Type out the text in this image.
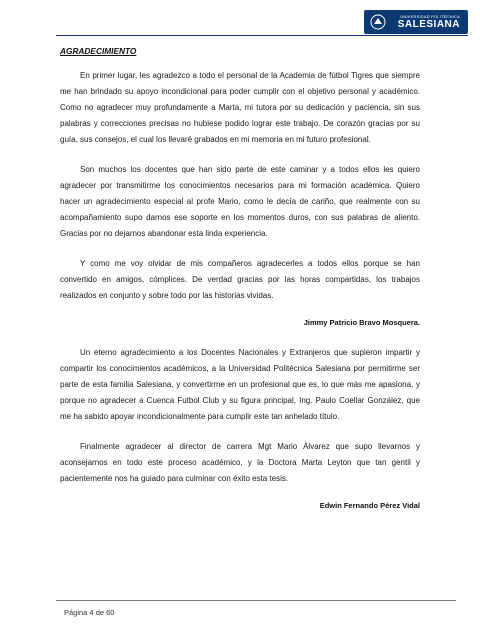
UNIVERSIDAD POLITÉCNICA
SALESIANA
AGRADECIMIENTO

En primer lugar, les agradezco a todo el personal de la Academia de fútbol Tigres que siempre me han brindado su apoyo incondicional para poder cumplir con el objetivo personal y académico. Como no agradecer muy profundamente a Marta, mi tutora por su dedicación y paciencia, sin sus palabras y correcciones precisas no hubiese podido lograr este trabajo. De corazón gracias por su guía, sus consejos, el cual los llevaré grabados en mi memoria en mi futuro profesional.

Son muchos los docentes que han sido parte de este caminar y a todos ellos les quiero agradecer por transmitirme los conocimientos necesarios para mi formación académica. Quiero hacer un agradecimiento especial al profe Mario, como le decía de cariño, que realmente con su acompañamiento supo darnos ese soporte en los momentos duros, con sus palabras de aliento. Gracias por no dejarnos abandonar esta linda experiencia.

Y como me voy olvidar de mis compañeros agradecerles a todos ellos porque se han convertido en amigos, cómplices. De verdad gracias por las horas compartidas, los trabajos realizados en conjunto y sobre todo por las historias vividas.

Jimmy Patricio Bravo Mosquera.

Un eterno agradecimiento a los Docentes Nacionales y Extranjeros que supieron impartir y compartir los conocimientos académicos, a la Universidad Politécnica Salesiana por permitirme ser parte de esta familia Salesiana, y convertirme en un profesional que es, lo que más me apasiona, y porque no agradecer a Cuenca Futbol Club y su figura principal, Ing. Paulo Coellar González, que me ha sabido apoyar incondicionalmente para cumplir este tan anhelado título.

Finalmente agradecer al director de carrera Mgt Mario Álvarez que supo llevarnos y aconsejarnos en todo este proceso académico, y la Doctora Marta Leyton que tan gentil y pacientemente nos ha guiado para culminar con éxito esta tesis.

Edwin Fernando Pérez Vidal
Página 4 de 60
